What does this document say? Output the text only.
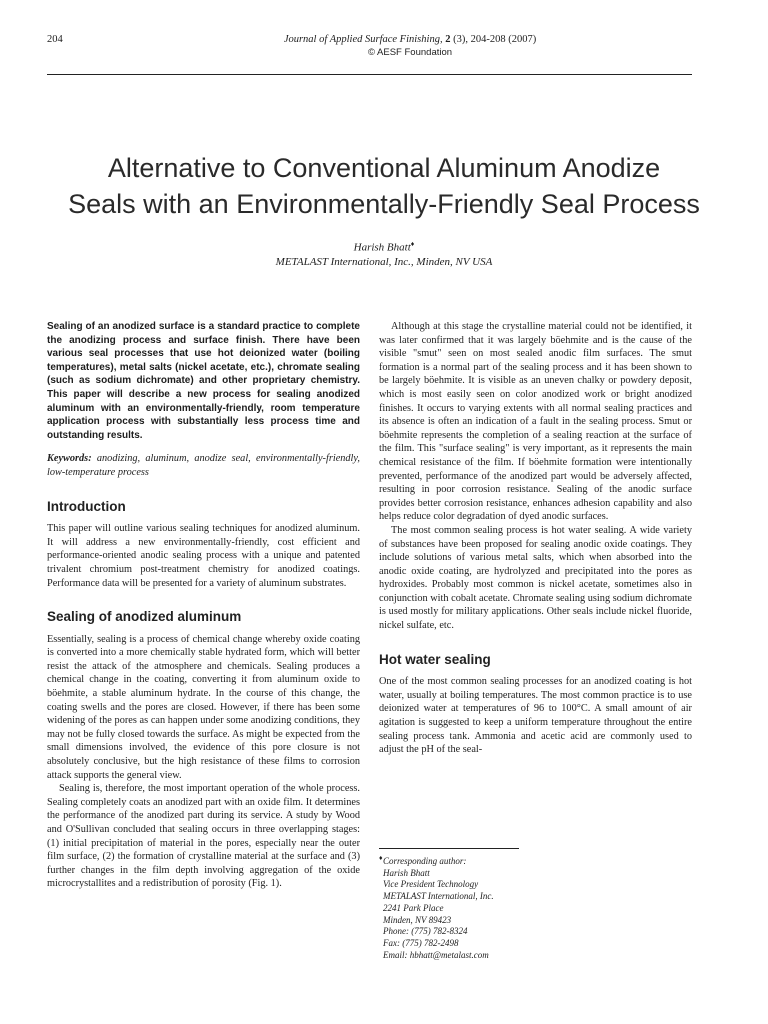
204	Journal of Applied Surface Finishing, 2 (3), 204-208 (2007)
© AESF Foundation
Alternative to Conventional Aluminum Anodize
Seals with an Environmentally-Friendly Seal Process
Harish Bhatt♦
METALAST International, Inc., Minden, NV USA

Sealing of an anodized surface is a standard practice to complete the anodizing process and surface finish. There have been various seal processes that use hot deionized water (boiling temperatures), metal salts (nickel acetate, etc.), chromate sealing (such as sodium dichromate) and other proprietary chemistry. This paper will describe a new process for sealing anodized aluminum with an environmentally-friendly, room temperature application process with substantially less process time and outstanding results.

Keywords: anodizing, aluminum, anodize seal, environmentally-friendly, low-temperature process

Introduction

This paper will outline various sealing techniques for anodized aluminum. It will address a new environmentally-friendly, cost efficient and performance-oriented anodic sealing process with a unique and patented trivalent chromium post-treatment chemistry for anodized coatings. Performance data will be presented for a variety of aluminum substrates.

Sealing of anodized aluminum

Essentially, sealing is a process of chemical change whereby oxide coating is converted into a more chemically stable hydrated form, which will better resist the attack of the atmosphere and chemicals. Sealing produces a chemical change in the coating, converting it from aluminum oxide to böehmite, a stable aluminum hydrate. In the course of this change, the coating swells and the pores are closed. However, if there has been some widening of the pores as can happen under some anodizing conditions, they may not be fully closed towards the surface. As might be expected from the small dimensions involved, the evidence of this pore closure is not absolutely conclusive, but the high resistance of these films to corrosion attack supports the general view.

Sealing is, therefore, the most important operation of the whole process. Sealing completely coats an anodized part with an oxide film. It determines the performance of the anodized part during its service. A study by Wood and O'Sullivan concluded that sealing occurs in three overlapping stages: (1) initial precipitation of material in the pores, especially near the outer film surface, (2) the formation of crystalline material at the surface and (3) further changes in the film depth involving aggregation of the oxide microcrystallites and a redistribution of porosity (Fig. 1).

Although at this stage the crystalline material could not be identified, it was later confirmed that it was largely böehmite and is the cause of the visible "smut" seen on most sealed anodic film surfaces. The smut formation is a normal part of the sealing process and it has been shown to be largely böehmite. It is visible as an uneven chalky or powdery deposit, which is most easily seen on color anodized work or bright anodized finishes. It occurs to varying extents with all normal sealing practices and its absence is often an indication of a fault in the sealing process. Smut or böehmite represents the completion of a sealing reaction at the surface of the film. This "surface sealing" is very important, as it represents the main chemical resistance of the film. If böehmite formation were intentionally prevented, performance of the anodized part would be adversely affected, resulting in poor corrosion resistance. Sealing of the anodic surface provides better corrosion resistance, enhances adhesion capability and also helps reduce color degradation of dyed anodic surfaces.

The most common sealing process is hot water sealing. A wide variety of substances have been proposed for sealing anodic oxide coatings. They include solutions of various metal salts, which when absorbed into the anodic oxide coating, are hydrolyzed and precipitated into the pores as hydroxides. Probably most common is nickel acetate, sometimes also in conjunction with cobalt acetate. Chromate sealing using sodium dichromate is used mostly for military applications. Other seals include nickel fluoride, nickel sulfate, etc.

Hot water sealing

One of the most common sealing processes for an anodized coating is hot water, usually at boiling temperatures. The most common practice is to use deionized water at temperatures of 96 to 100°C. A small amount of air agitation is suggested to keep a uniform temperature throughout the entire sealing process tank. Ammonia and acetic acid are commonly used to adjust the pH of the seal-

♦ Corresponding author:
Harish Bhatt
Vice President Technology
METALAST International, Inc.
2241 Park Place
Minden, NV 89423
Phone: (775) 782-8324
Fax: (775) 782-2498
Email: hbhatt@metalast.com
